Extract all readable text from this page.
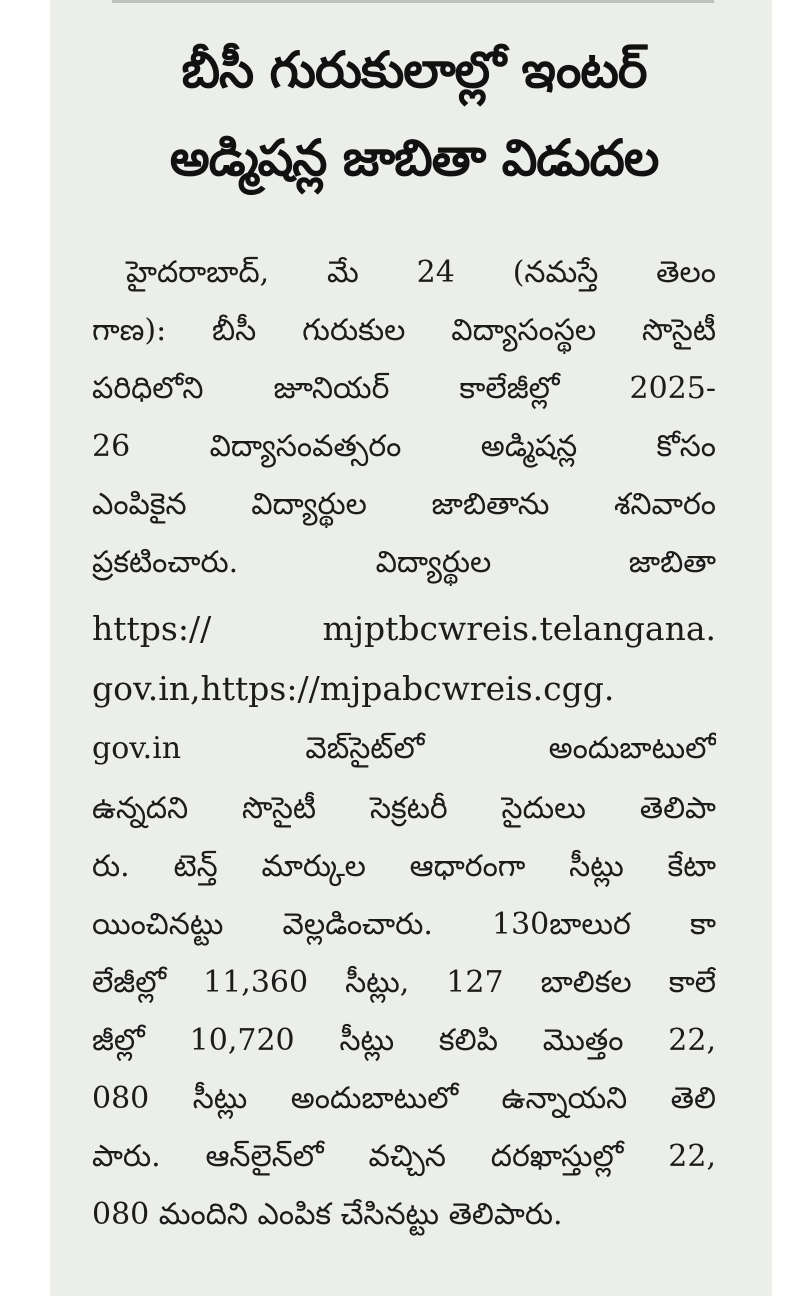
బీసీ గురుకులాల్లో ఇంటర్
అడ్మిషన్ల జాబితా విడుదల
హైదరాబాద్, మే 24 (నమస్తే తెలం
గాణ): బీసీ గురుకుల విద్యాసంస్థల సొసైటీ
పరిధిలోని జూనియర్ కాలేజీల్లో 2025-
26 విద్యాసంవత్సరం అడ్మిషన్ల కోసం
ఎంపికైన విద్యార్థుల జాబితాను శనివారం
ప్రకటించారు. విద్యార్థుల జాబితా
https:// mjptbcwreis.telangana.
gov.in,https://mjpabcwreis.cgg.
gov.in వెబ్‌సైట్‌లో అందుబాటులో
ఉన్నదని సొసైటీ సెక్రటరీ సైదులు తెలిపా
రు. టెన్త్ మార్కుల ఆధారంగా సీట్లు కేటా
యించినట్టు వెల్లడించారు. 130బాలుర కా
లేజీల్లో 11,360 సీట్లు, 127 బాలికల కాలే
జీల్లో 10,720 సీట్లు కలిపి మొత్తం 22,
080 సీట్లు అందుబాటులో ఉన్నాయని తెలి
పారు. ఆన్‌లైన్‌లో వచ్చిన దరఖాస్తుల్లో 22,
080 మందిని ఎంపిక చేసినట్టు తెలిపారు.
